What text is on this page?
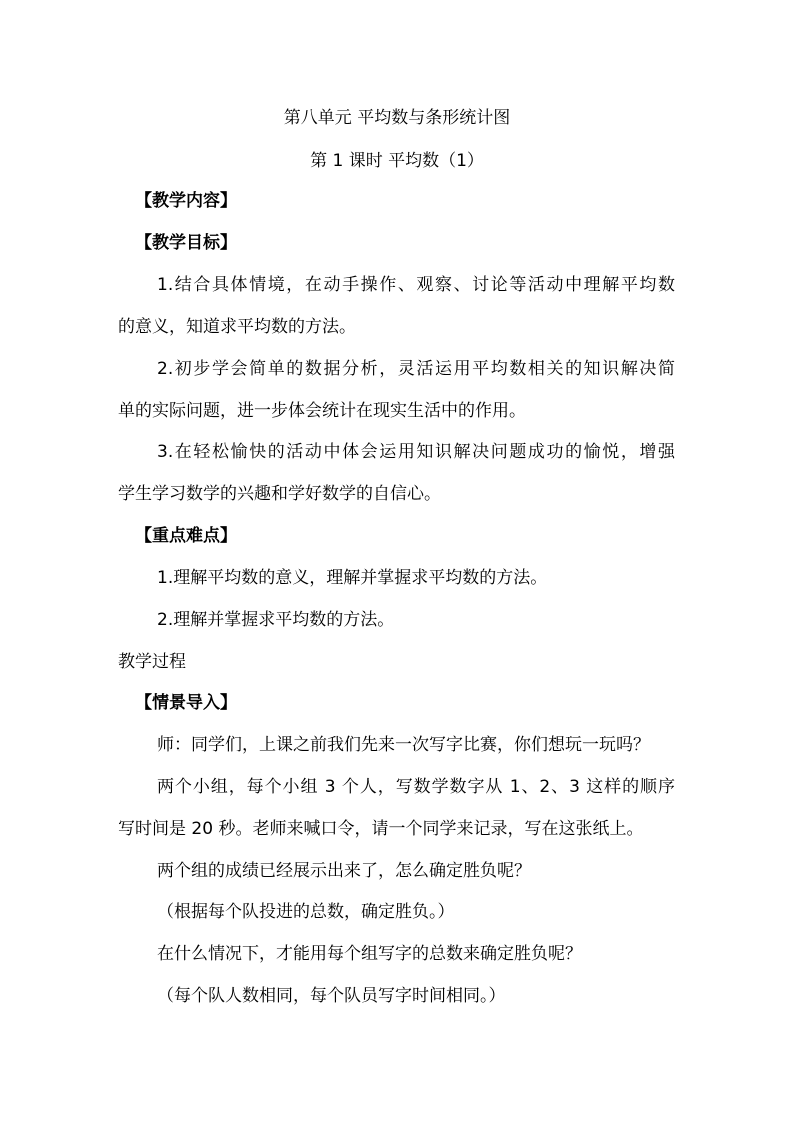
第八单元 平均数与条形统计图
第 1 课时 平均数（1）
【教学内容】
【教学目标】
1.结合具体情境，在动手操作、观察、讨论等活动中理解平均数
的意义，知道求平均数的方法。
2.初步学会简单的数据分析，灵活运用平均数相关的知识解决简
单的实际问题，进一步体会统计在现实生活中的作用。
3.在轻松愉快的活动中体会运用知识解决问题成功的愉悦，增强
学生学习数学的兴趣和学好数学的自信心。
【重点难点】
1.理解平均数的意义，理解并掌握求平均数的方法。
2.理解并掌握求平均数的方法。
教学过程
【情景导入】
师：同学们，上课之前我们先来一次写字比赛，你们想玩一玩吗？
两个小组，每个小组 3 个人，写数学数字从 1、2、3 这样的顺序
写时间是 20 秒。老师来喊口令，请一个同学来记录，写在这张纸上。
两个组的成绩已经展示出来了，怎么确定胜负呢？
（根据每个队投进的总数，确定胜负。）
在什么情况下，才能用每个组写字的总数来确定胜负呢？
（每个队人数相同，每个队员写字时间相同。）
